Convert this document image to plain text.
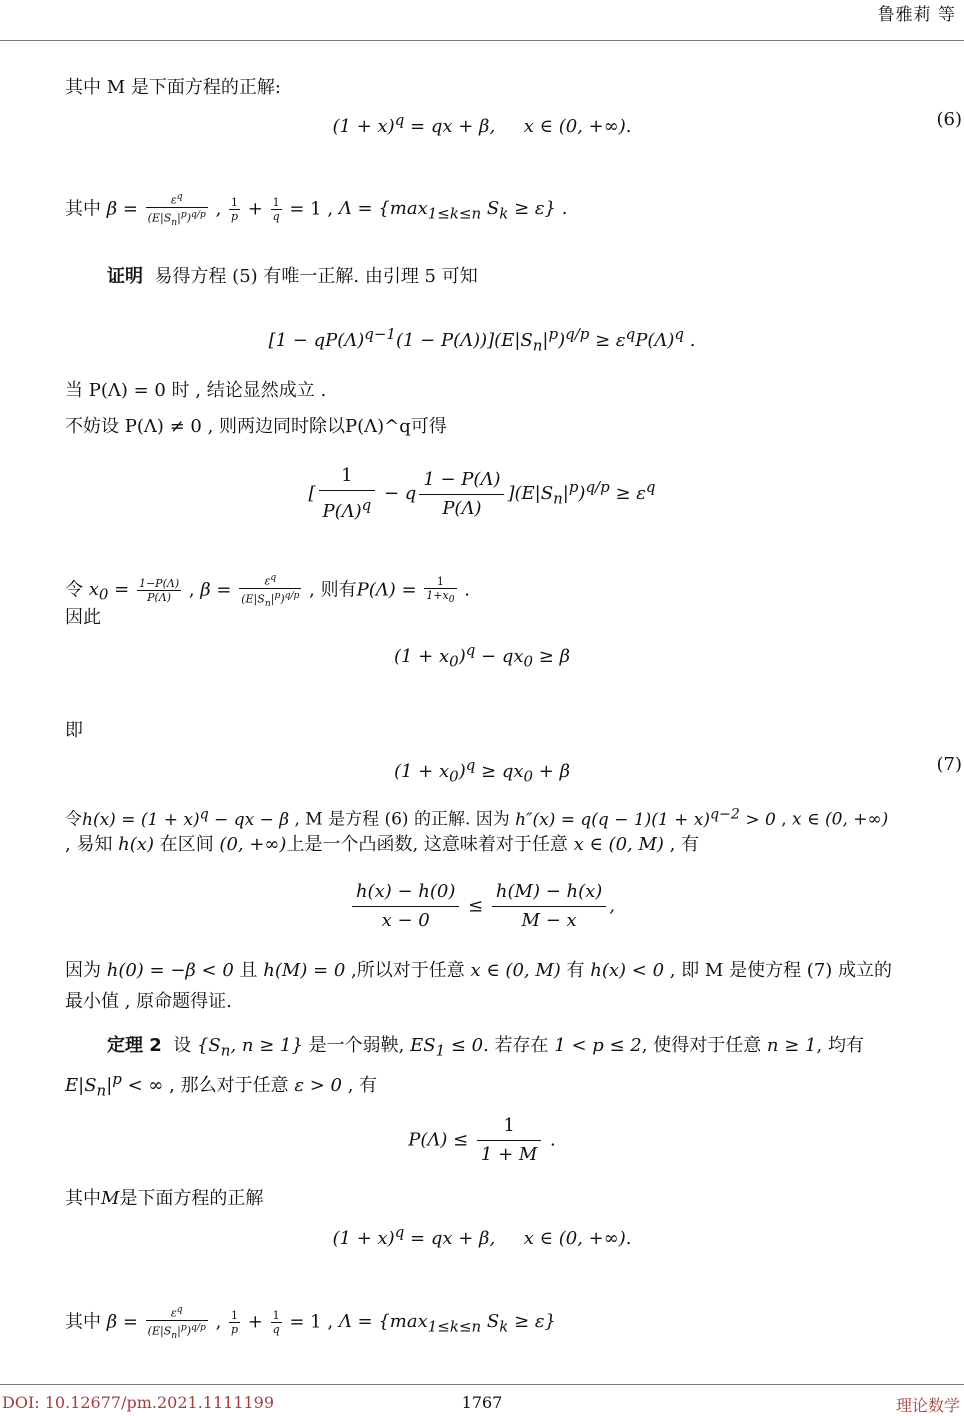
鲁雅莉 等
其中 M 是下面方程的正解:
$(1 + x)^q$ = qx + β,     x ∈ (0, +∞).	(6)
其中 $\beta = \frac{\varepsilon^q}{(E|S_n|^p)^{q/p}}$ , $\frac{1}{p} + \frac{1}{q} = 1$ , $\Lambda = \{\max_{1\le k\le n}$ $S_k \ge \varepsilon$} .
证明 易得方程 (5) 有唯一正解. 由引理 5 可知
$[1 - qP(\Lambda)^{q-1}(1 - P(\Lambda))](E|S_n|^p)^{q/p} \ge \varepsilon^qP(\Lambda)^q$ .
当 P(Λ) = 0 时 , 结论显然成立 .
不妨设 P(Λ) ≠ 0 , 则两边同时除以P(Λ)^q可得
[ $\frac{1}{P(\Lambda)^q} - q \frac{1 - P(\Lambda)}{P(\Lambda)} ](E|S_n|^p)^{q/p} \ge \varepsilon^q$
令 $x_0 = \frac{1-P(\Lambda)}{P(\Lambda)}$ , $\beta = \frac{\varepsilon^q}{(E|S_n|^p)^{q/p}}$ , 则有$P(\Lambda) = \frac{1}{1+x_0}$ .
因此
$(1 + x_0)^q - qx_0 \ge \beta$
即
$(1 + x_0)^q \ge qx_0 + \beta$	(7)
令$h(x) = (1 + x)^q$ − qx − β , M 是方程 (6) 的正解. 因为 $h''(x) = q(q - 1)(1 + x)^{q-2} > 0$ , x ∈ (0, +∞)
, 易知 h(x) 在区间 (0, +∞)上是一个凸函数, 这意味着对于任意 x ∈ (0, M) , 有
$\frac{h(x) - h(0)}{x - 0} \le \frac{h(M) - h(x)}{M - x}$ ,
因为 h(0) = −β < 0 且 h(M) = 0 ,所以对于任意 x ∈ (0, M) 有 h(x) < 0 , 即 M 是使方程 (7) 成立的
最小值 , 原命题得证.
定理 2  设 {$S_n$, n ≥ 1} 是一个弱鞅, $ES_1 \le 0$. 若存在 1 < p ≤ 2, 使得对于任意 n ≥ 1, 均有
$E|S_n|^p$ < ∞ , 那么对于任意 ε > 0 , 有
$P(\Lambda) \le \frac{1}{1 + M}$ .
其中M是下面方程的正解
$(1 + x)^q$ = qx + β,     x ∈ (0, +∞).
其中 $\beta = \frac{\varepsilon^q}{(E|S_n|^p)^{q/p}}$ , $\frac{1}{p} + \frac{1}{q} = 1$ , $\Lambda = \{\max_{1\le k\le n}$ $S_k \ge \varepsilon$}
DOI: 10.12677/pm.2021.1111199	1767	理论数学
